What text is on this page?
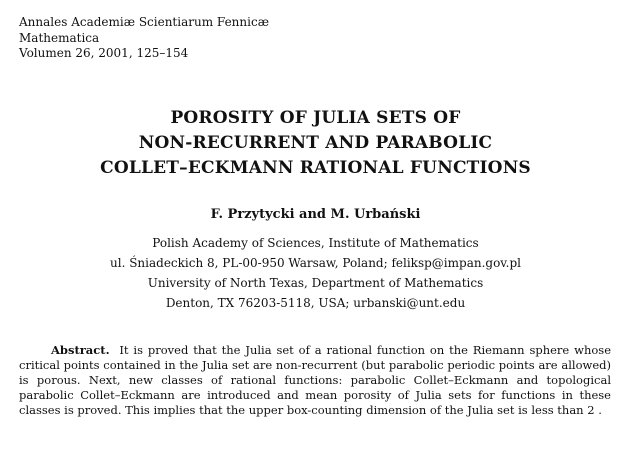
Annales Academiæ Scientiarum Fennicæ
Mathematica
Volumen 26, 2001, 125–154
POROSITY OF JULIA SETS OF
NON-RECURRENT AND PARABOLIC
COLLET–ECKMANN RATIONAL FUNCTIONS
F. Przytycki and M. Urbański
Polish Academy of Sciences, Institute of Mathematics
ul. Śniadeckich 8, PL-00-950 Warsaw, Poland; feliksp@impan.gov.pl
University of North Texas, Department of Mathematics
Denton, TX 76203-5118, USA; urbanski@unt.edu

Abstract. It is proved that the Julia set of a rational function on the Riemann sphere whose critical points contained in the Julia set are non-recurrent (but parabolic periodic points are allowed) is porous. Next, new classes of rational functions: parabolic Collet–Eckmann and topological parabolic Collet–Eckmann are introduced and mean porosity of Julia sets for functions in these classes is proved. This implies that the upper box-counting dimension of the Julia set is less than 2 .
